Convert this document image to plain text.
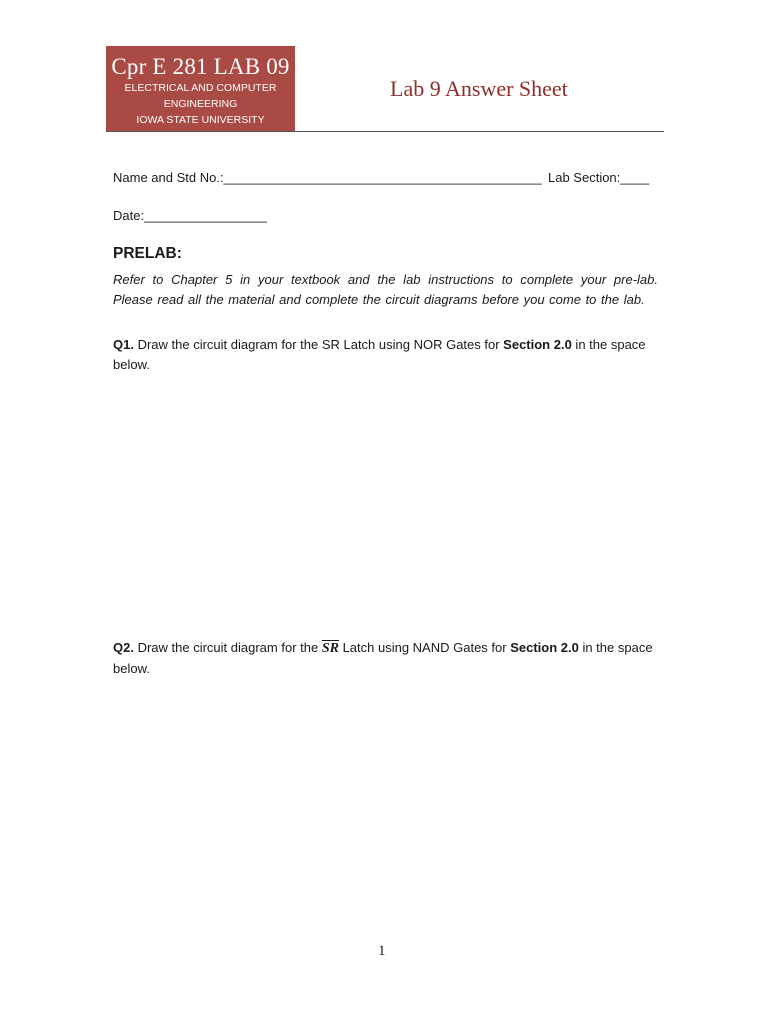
Cpr E 281 LAB 09
ELECTRICAL AND COMPUTER
ENGINEERING
IOWA STATE UNIVERSITY
Lab 9 Answer Sheet
Name and Std No.:____________________________________________ Lab Section:____
Date:_________________
PRELAB:
Refer to Chapter 5 in your textbook and the lab instructions to complete your pre-lab. Please read all the material and complete the circuit diagrams before you come to the lab.
Q1. Draw the circuit diagram for the SR Latch using NOR Gates for Section 2.0 in the space below.
Q2. Draw the circuit diagram for the $\overline{SR}$ Latch using NAND Gates for Section 2.0 in the space below.
1
